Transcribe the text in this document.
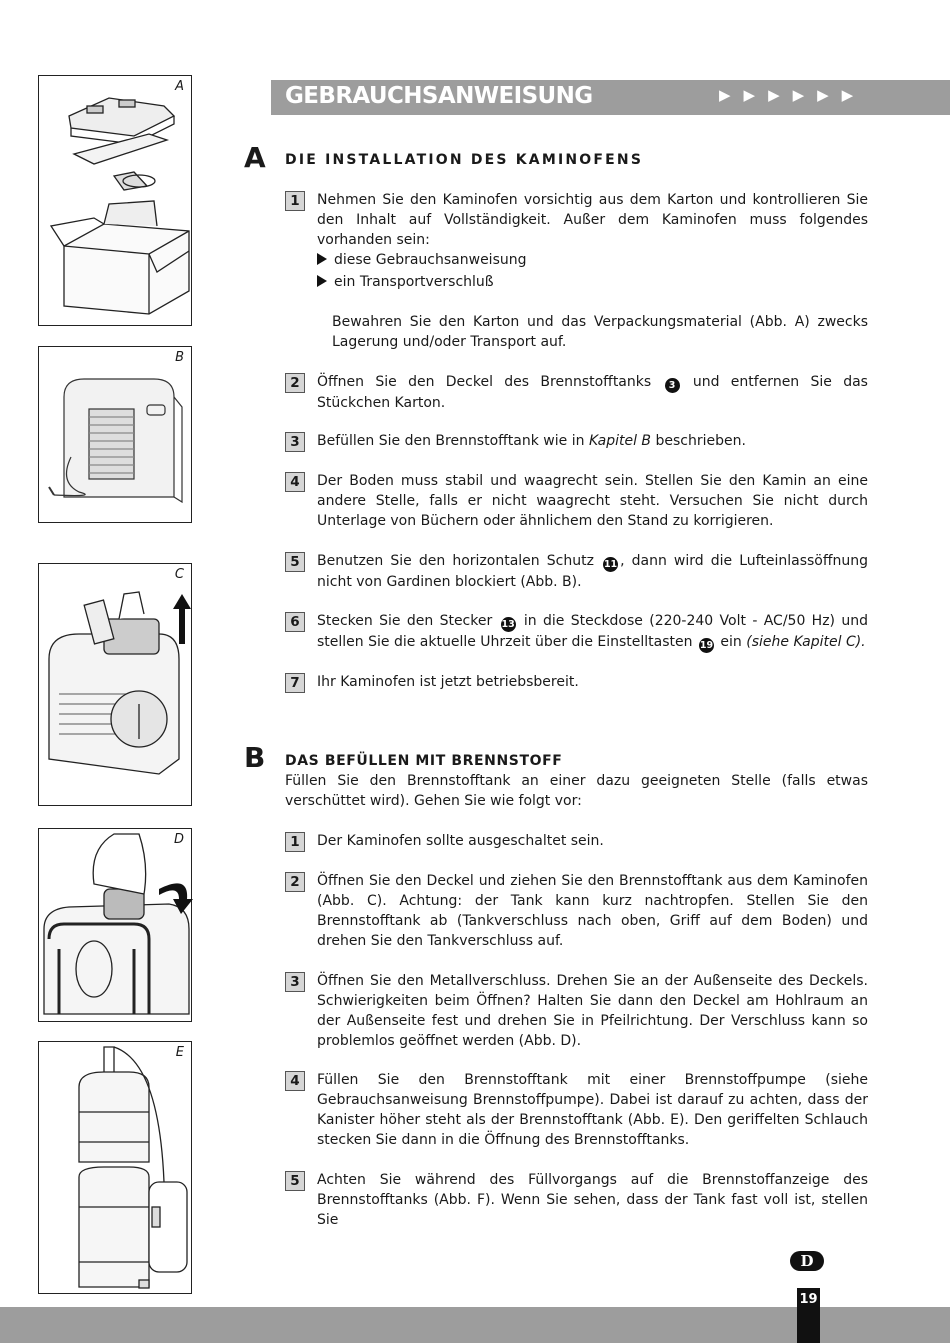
A
B
C
D
E
GEBRAUCHSANWEISUNG	▶▶▶▶▶▶
A DIE INSTALLATION DES KAMINOFENS
1	Nehmen Sie den Kaminofen vorsichtig aus dem Karton und kontrollieren Sie den Inhalt auf Vollständigkeit. Außer dem Kaminofen muss folgendes vorhanden sein:
diese Gebrauchsanweisung
ein Transportverschluß
Bewahren Sie den Karton und das Verpackungsmaterial (Abb. A) zwecks Lagerung und/oder Transport auf.
2	Öffnen Sie den Deckel des Brennstofftanks 3 und entfernen Sie das Stückchen Karton.
3	Befüllen Sie den Brennstofftank wie in Kapitel B beschrieben.
4	Der Boden muss stabil und waagrecht sein. Stellen Sie den Kamin an eine andere Stelle, falls er nicht waagrecht steht. Versuchen Sie nicht durch Unterlage von Büchern oder ähnlichem den Stand zu korrigieren.
5	Benutzen Sie den horizontalen Schutz 11 , dann wird die Lufteinlassöffnung nicht von Gardinen blockiert (Abb. B).
6	Stecken Sie den Stecker 13 in die Steckdose (220-240 Volt - AC/50 Hz) und stellen Sie die aktuelle Uhrzeit über die Einstelltasten 19 ein (siehe Kapitel C).
7	Ihr Kaminofen ist jetzt betriebsbereit.
B DAS BEFÜLLEN MIT BRENNSTOFF
Füllen Sie den Brennstofftank an einer dazu geeigneten Stelle (falls etwas verschüttet wird). Gehen Sie wie folgt vor:
1	Der Kaminofen sollte ausgeschaltet sein.
2	Öffnen Sie den Deckel und ziehen Sie den Brennstofftank aus dem Kaminofen (Abb. C). Achtung: der Tank kann kurz nachtropfen. Stellen Sie den Brennstofftank ab (Tankverschluss nach oben, Griff auf dem Boden) und drehen Sie den Tankverschluss auf.
3	Öffnen Sie den Metallverschluss. Drehen Sie an der Außenseite des Deckels. Schwierigkeiten beim Öffnen? Halten Sie dann den Deckel am Hohlraum an der Außenseite fest und drehen Sie in Pfeilrichtung. Der Verschluss kann so problemlos geöffnet werden (Abb. D).
4	Füllen Sie den Brennstofftank mit einer Brennstoffpumpe (siehe Gebrauchsanweisung Brennstoffpumpe). Dabei ist darauf zu achten, dass der Kanister höher steht als der Brennstofftank (Abb. E). Den geriffelten Schlauch stecken Sie dann in die Öffnung des Brennstofftanks.
5	Achten Sie während des Füllvorgangs auf die Brennstoffanzeige des Brennstofftanks (Abb. F). Wenn Sie sehen, dass der Tank fast voll ist, stellen Sie
D
19
